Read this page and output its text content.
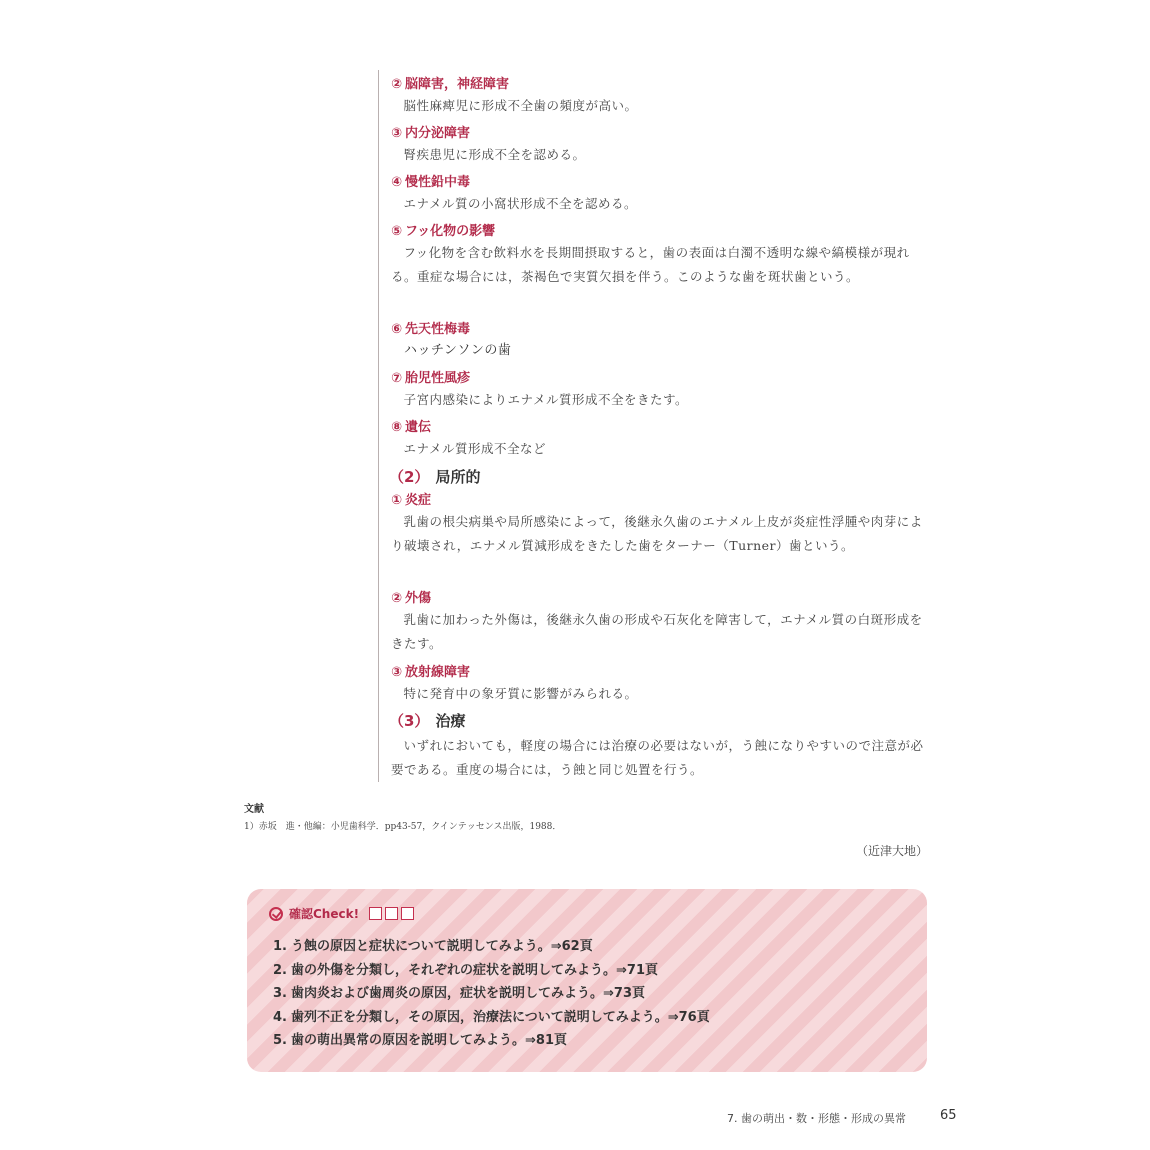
② 脳障害，神経障害
脳性麻痺児に形成不全歯の頻度が高い。
③ 内分泌障害
腎疾患児に形成不全を認める。
④ 慢性鉛中毒
エナメル質の小窩状形成不全を認める。
⑤ フッ化物の影響
フッ化物を含む飲料水を長期間摂取すると，歯の表面は白濁不透明な線や縞模様が現れる。重症な場合には，茶褐色で実質欠損を伴う。このような歯を斑状歯という。
⑥ 先天性梅毒
ハッチンソンの歯
⑦ 胎児性風疹
子宮内感染によりエナメル質形成不全をきたす。
⑧ 遺伝
エナメル質形成不全など
（2） 局所的
① 炎症
乳歯の根尖病巣や局所感染によって，後継永久歯のエナメル上皮が炎症性浮腫や肉芽により破壊され，エナメル質減形成をきたした歯をターナー（Turner）歯という。
② 外傷
乳歯に加わった外傷は，後継永久歯の形成や石灰化を障害して，エナメル質の白斑形成をきたす。
③ 放射線障害
特に発育中の象牙質に影響がみられる。
（3） 治療
いずれにおいても，軽度の場合には治療の必要はないが，う蝕になりやすいので注意が必要である。重度の場合には，う蝕と同じ処置を行う。
文献
1）赤坂　進・他編：小児歯科学．pp43-57，クインテッセンス出版，1988．
（近津大地）
確認Check!
1. う蝕の原因と症状について説明してみよう。⇒62頁
2. 歯の外傷を分類し，それぞれの症状を説明してみよう。⇒71頁
3. 歯肉炎および歯周炎の原因，症状を説明してみよう。⇒73頁
4. 歯列不正を分類し，その原因，治療法について説明してみよう。⇒76頁
5. 歯の萌出異常の原因を説明してみよう。⇒81頁
7. 歯の萌出・数・形態・形成の異常	65
